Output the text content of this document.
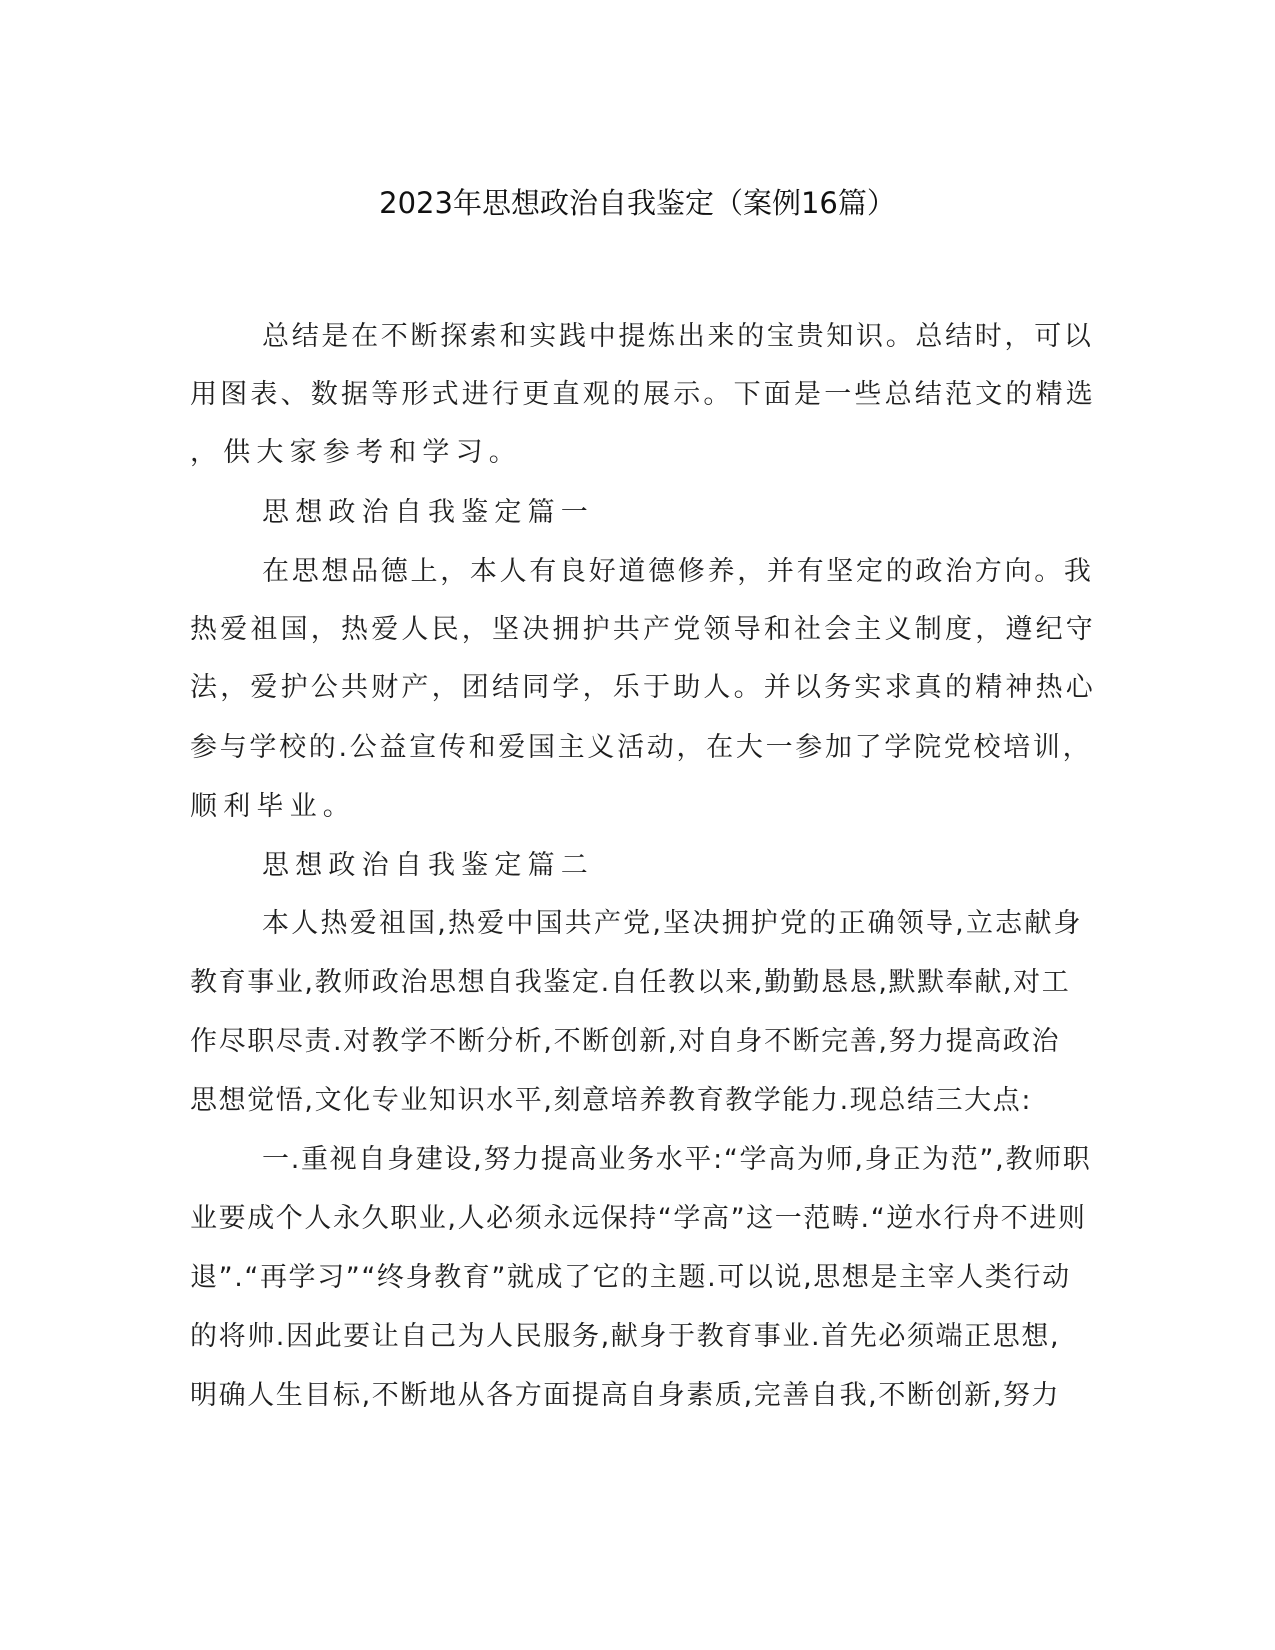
2023年思想政治自我鉴定（案例16篇）
总结是在不断探索和实践中提炼出来的宝贵知识。总结时，可以
用图表、数据等形式进行更直观的展示。下面是一些总结范文的精选
，供大家参考和学习。
思想政治自我鉴定篇一
在思想品德上，本人有良好道德修养，并有坚定的政治方向。我
热爱祖国，热爱人民，坚决拥护共产党领导和社会主义制度，遵纪守
法，爱护公共财产，团结同学，乐于助人。并以务实求真的精神热心
参与学校的.公益宣传和爱国主义活动，在大一参加了学院党校培训，
顺利毕业。
思想政治自我鉴定篇二
本人热爱祖国,热爱中国共产党,坚决拥护党的正确领导,立志献身
教育事业,教师政治思想自我鉴定.自任教以来,勤勤恳恳,默默奉献,对工
作尽职尽责.对教学不断分析,不断创新,对自身不断完善,努力提高政治
思想觉悟,文化专业知识水平,刻意培养教育教学能力.现总结三大点:
一.重视自身建设,努力提高业务水平:“学高为师,身正为范”,教师职
业要成个人永久职业,人必须永远保持“学高”这一范畴.“逆水行舟不进则
退”.“再学习”“终身教育”就成了它的主题.可以说,思想是主宰人类行动
的将帅.因此要让自己为人民服务,献身于教育事业.首先必须端正思想,
明确人生目标,不断地从各方面提高自身素质,完善自我,不断创新,努力
